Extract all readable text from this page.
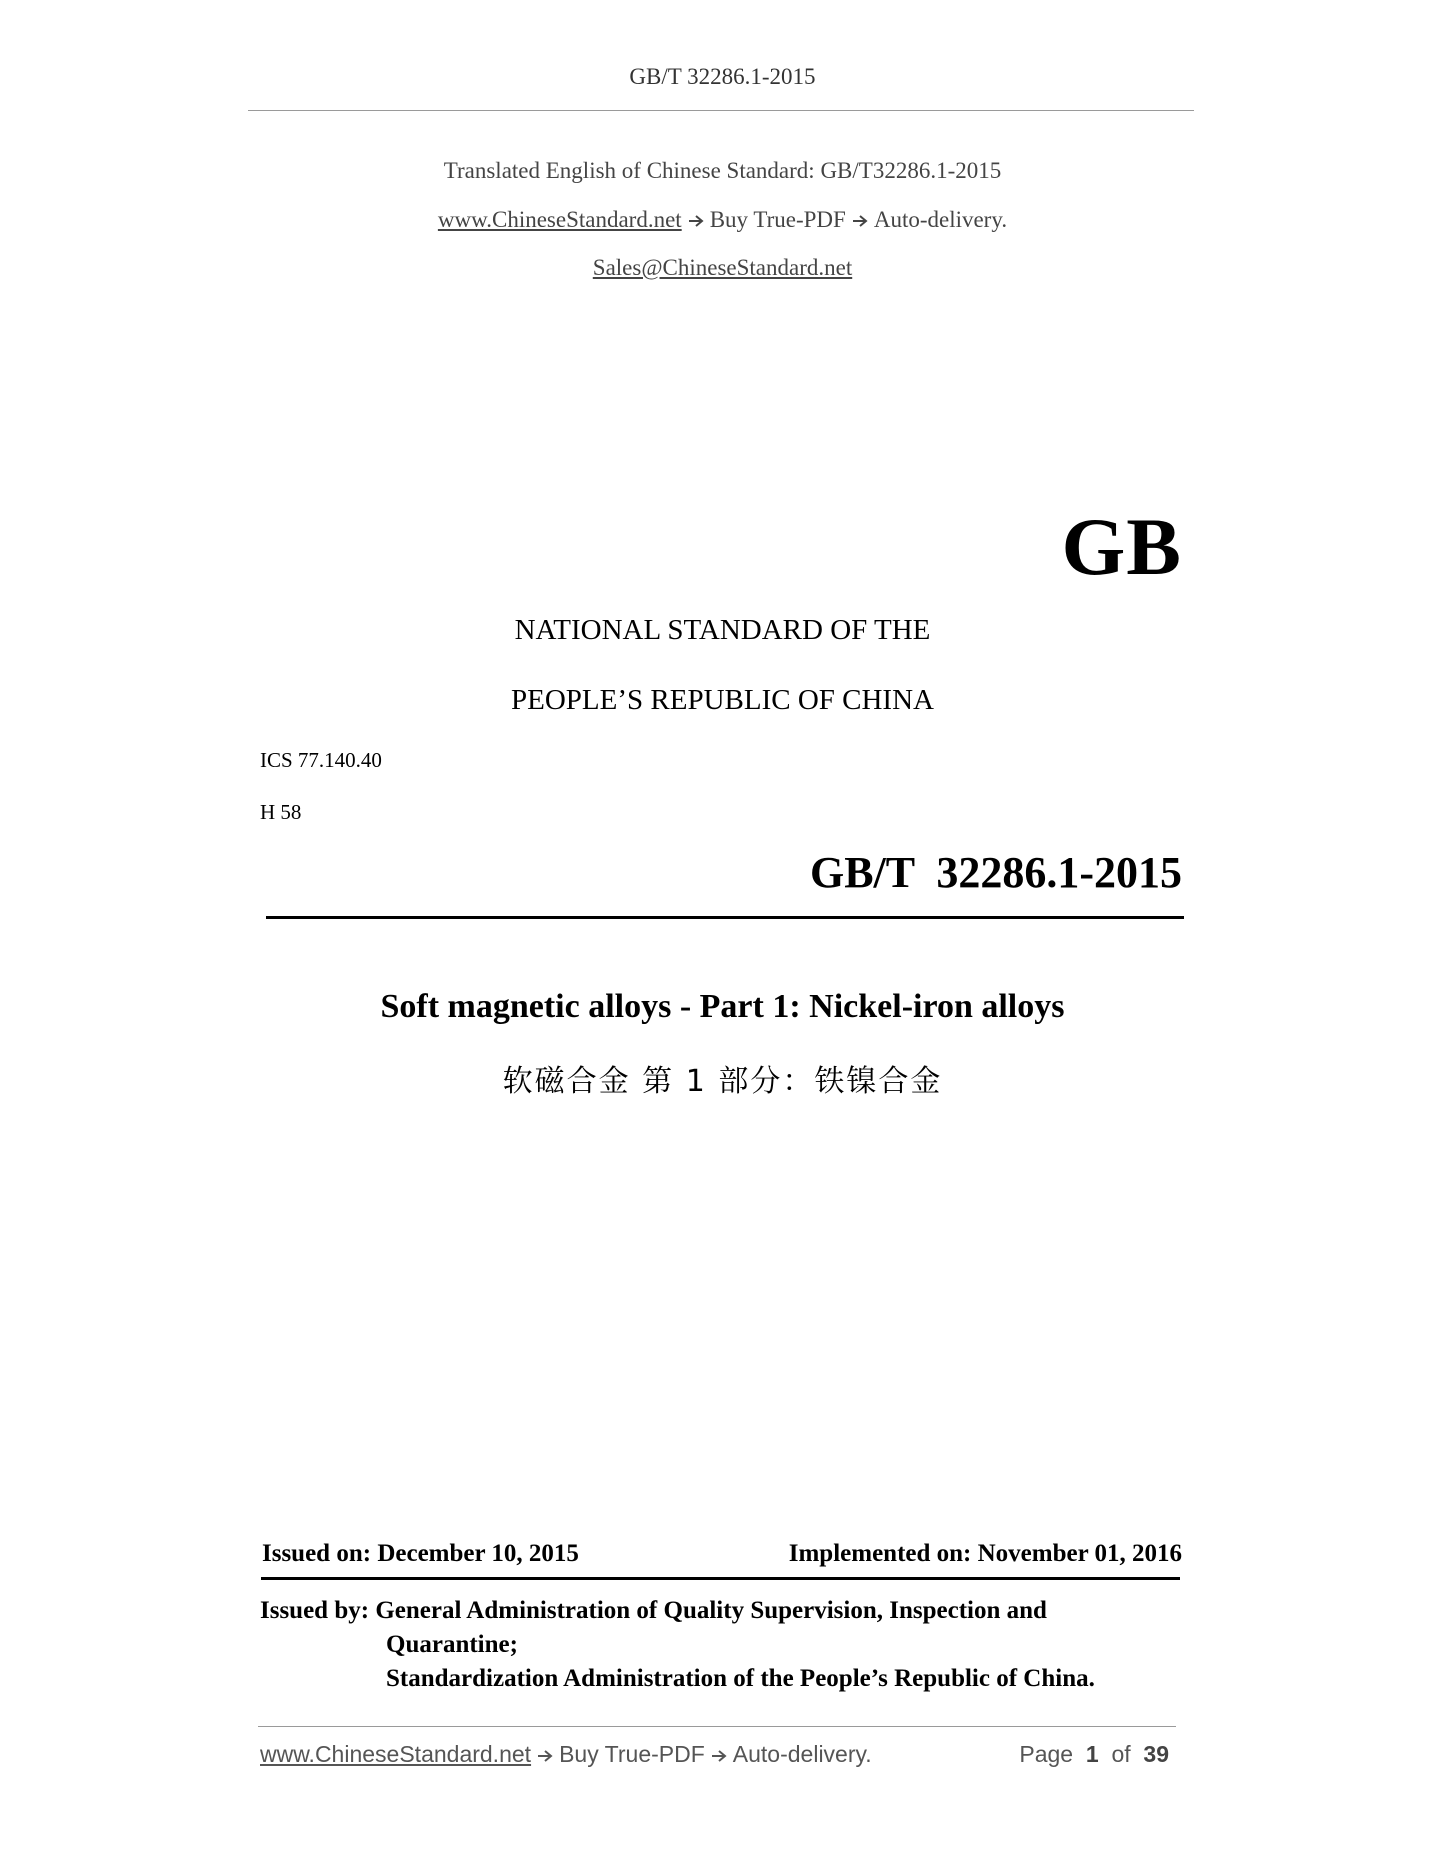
GB/T 32286.1-2015
Translated English of Chinese Standard: GB/T32286.1-2015
www.ChineseStandard.net Buy True-PDF Auto-delivery.
Sales@ChineseStandard.net
GB
NATIONAL STANDARD OF THE
PEOPLE’S REPUBLIC OF CHINA
ICS 77.140.40
H 58
GB/T  32286.1-2015
Soft magnetic alloys - Part 1: Nickel-iron alloys
软磁合金 第 1 部分：铁镍合金
Issued on: December 10, 2015	Implemented on: November 01, 2016
Issued by: General Administration of Quality Supervision, Inspection and
Quarantine;
Standardization Administration of the People’s Republic of China.
www.ChineseStandard.net Buy True-PDF Auto-delivery.	Page 1 of 39
